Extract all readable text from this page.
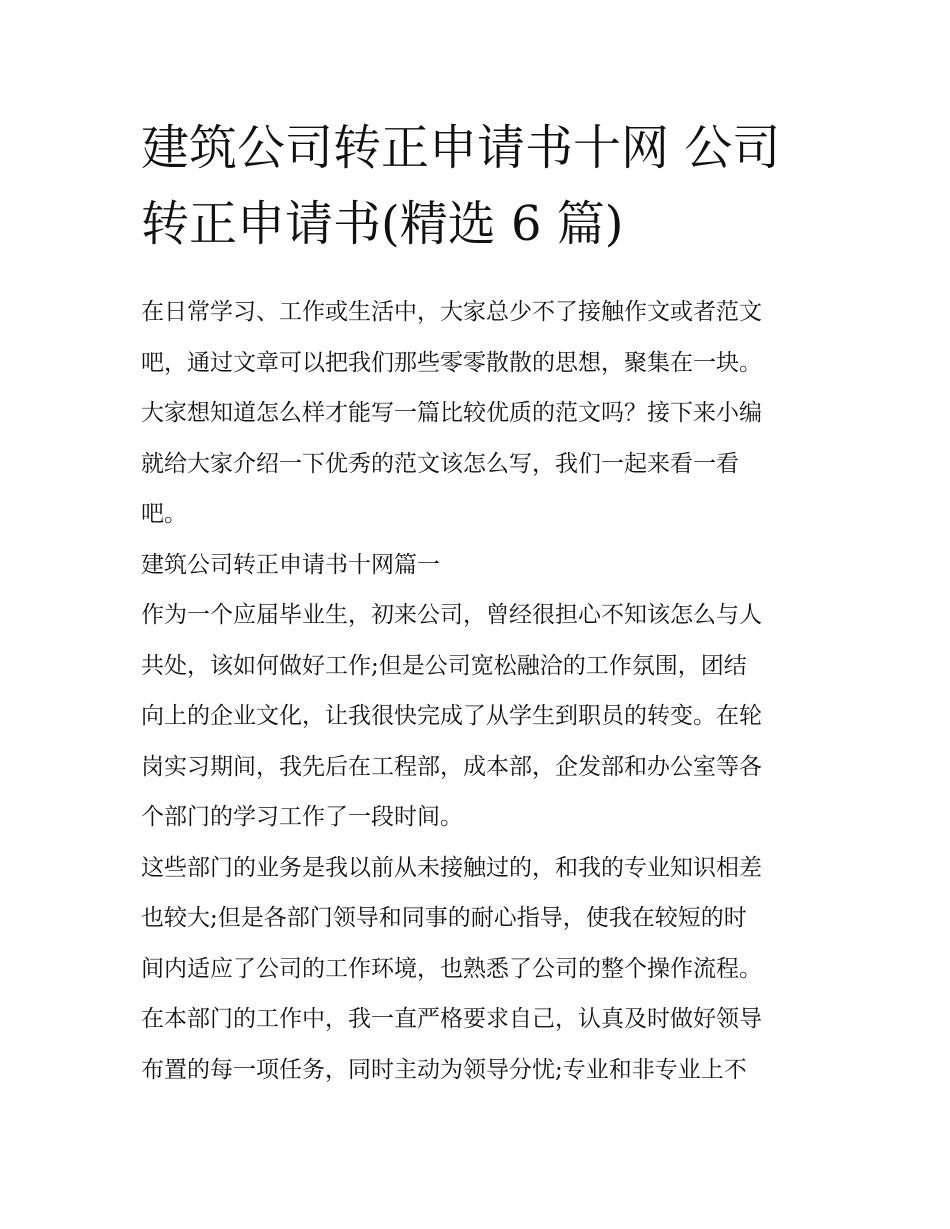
建筑公司转正申请书十网 公司
转正申请书(精选 6 篇)

在日常学习、工作或生活中，大家总少不了接触作文或者范文
吧，通过文章可以把我们那些零零散散的思想，聚集在一块。
大家想知道怎么样才能写一篇比较优质的范文吗？接下来小编
就给大家介绍一下优秀的范文该怎么写，我们一起来看一看
吧。

建筑公司转正申请书十网篇一

作为一个应届毕业生，初来公司，曾经很担心不知该怎么与人
共处，该如何做好工作;但是公司宽松融洽的工作氛围，团结
向上的企业文化，让我很快完成了从学生到职员的转变。在轮
岗实习期间，我先后在工程部，成本部，企发部和办公室等各
个部门的学习工作了一段时间。

这些部门的业务是我以前从未接触过的，和我的专业知识相差
也较大;但是各部门领导和同事的耐心指导，使我在较短的时
间内适应了公司的工作环境，也熟悉了公司的整个操作流程。
在本部门的工作中，我一直严格要求自己，认真及时做好领导
布置的每一项任务，同时主动为领导分忧;专业和非专业上不
